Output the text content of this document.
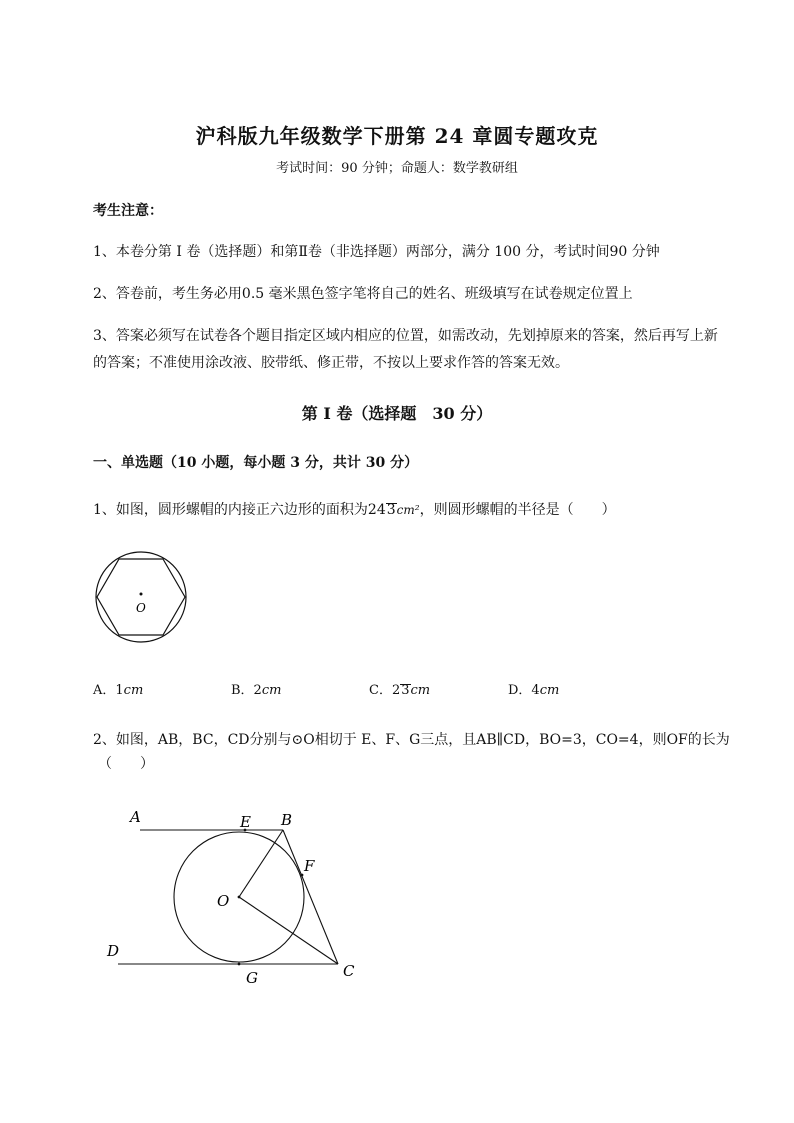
沪科版九年级数学下册第 24 章圆专题攻克
考试时间：90 分钟；命题人：数学教研组
考生注意：
1、本卷分第 I 卷（选择题）和第Ⅱ卷（非选择题）两部分，满分 100 分，考试时间90 分钟
2、答卷前，考生务必用0.5 毫米黑色签字笔将自己的姓名、班级填写在试卷规定位置上
3、答案必须写在试卷各个题目指定区域内相应的位置，如需改动，先划掉原来的答案，然后再写上新
的答案；不准使用涂改液、胶带纸、修正带，不按以上要求作答的答案无效。
第 I 卷（选择题　30 分）
一、单选题（10 小题，每小题 3 分，共计 30 分）
1、如图，圆形螺帽的内接正六边形的面积为243cm²，则圆形螺帽的半径是（　　）
O
A．1cm	B．2cm	C．23cm	D．4cm
2、如图，AB，BC，CD分别与⊙O相切于 E、F、G三点，且AB∥CD，BO=3，CO=4，则OF的长为
（　　）
A	E B
F
O
D
G	C
